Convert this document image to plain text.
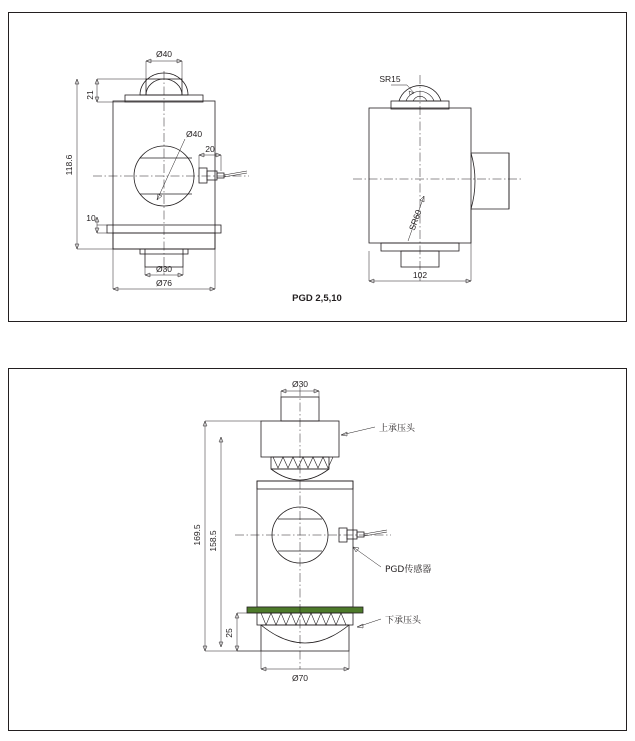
Ø40
21
118.6
Ø40
20
10
Ø30
Ø76
SR15
SR60
102
PGD 2,5,10
Ø30
169.5 158.5
25
Ø70
上承压头
PGD传感器
下承压头
